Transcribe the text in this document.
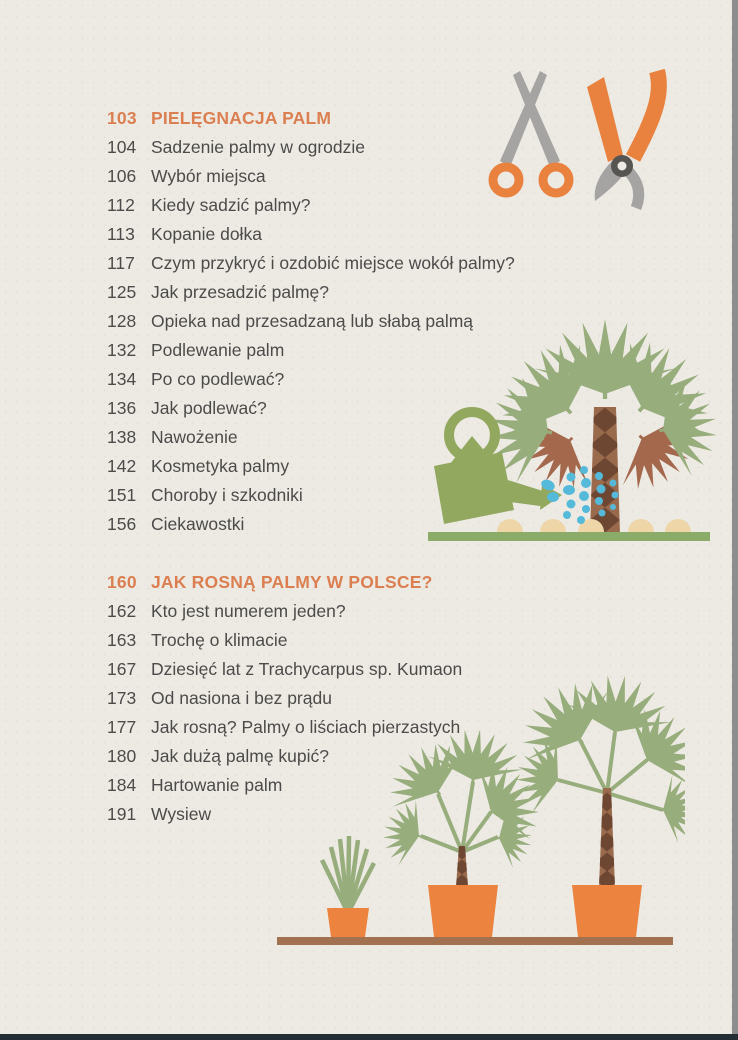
103 PIELĘGNACJA PALM
104 Sadzenie palmy w ogrodzie
106 Wybór miejsca
112 Kiedy sadzić palmy?
113 Kopanie dołka
117 Czym przykryć i ozdobić miejsce wokół palmy?
125 Jak przesadzić palmę?
128 Opieka nad przesadzaną lub słabą palmą
132 Podlewanie palm
134 Po co podlewać?
136 Jak podlewać?
138 Nawożenie
142 Kosmetyka palmy
151 Choroby i szkodniki
156 Ciekawostki
160 JAK ROSNĄ PALMY W POLSCE?
162 Kto jest numerem jeden?
163 Trochę o klimacie
167 Dziesięć lat z Trachycarpus sp. Kumaon
173 Od nasiona i bez prądu
177 Jak rosną? Palmy o liściach pierzastych
180 Jak dużą palmę kupić?
184 Hartowanie palm
191 Wysiew
